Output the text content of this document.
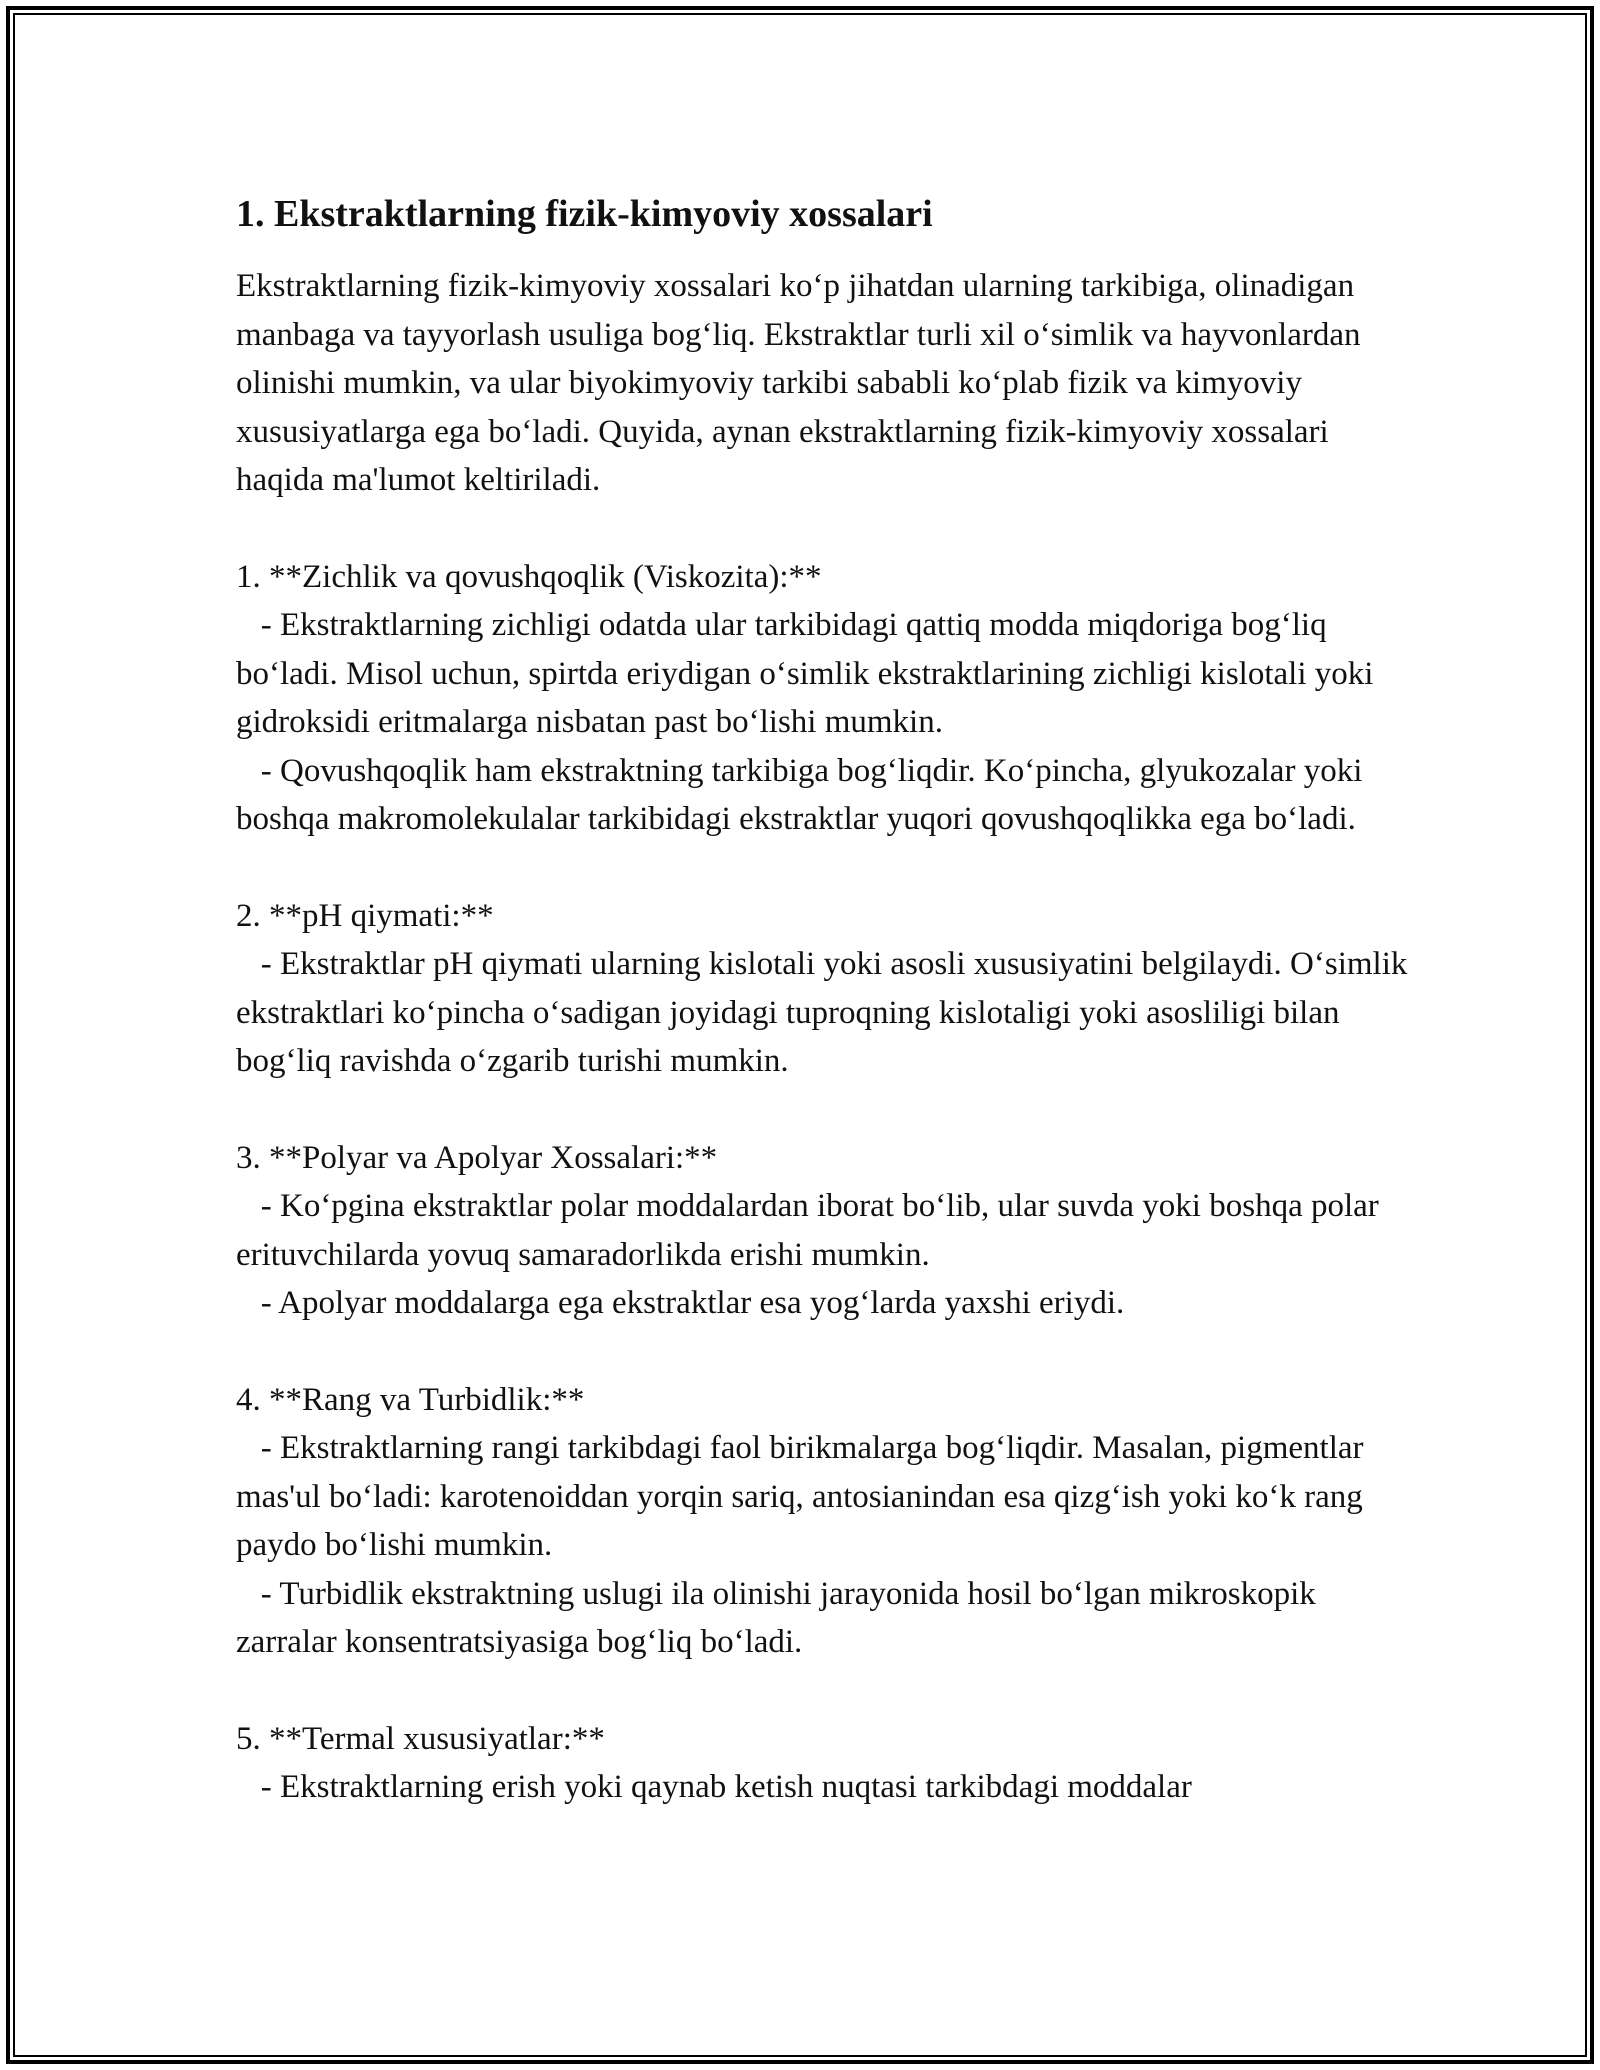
1. Ekstraktlarning fizik-kimyoviy xossalari

Ekstraktlarning fizik-kimyoviy xossalari ko‘p jihatdan ularning tarkibiga, olinadigan manbaga va tayyorlash usuliga bog‘liq. Ekstraktlar turli xil o‘simlik va hayvonlardan olinishi mumkin, va ular biyokimyoviy tarkibi sababli ko‘plab fizik va kimyoviy xususiyatlarga ega bo‘ladi. Quyida, aynan ekstraktlarning fizik-kimyoviy xossalari haqida ma'lumot keltiriladi.

1. **Zichlik va qovushqoqlik (Viskozita):**
- Ekstraktlarning zichligi odatda ular tarkibidagi qattiq modda miqdoriga bog‘liq bo‘ladi. Misol uchun, spirtda eriydigan o‘simlik ekstraktlarining zichligi kislotali yoki gidroksidi eritmalarga nisbatan past bo‘lishi mumkin.
- Qovushqoqlik ham ekstraktning tarkibiga bog‘liqdir. Ko‘pincha, glyukozalar yoki boshqa makromolekulalar tarkibidagi ekstraktlar yuqori qovushqoqlikka ega bo‘ladi.
2. **pH qiymati:**
- Ekstraktlar pH qiymati ularning kislotali yoki asosli xususiyatini belgilaydi. O‘simlik ekstraktlari ko‘pincha o‘sadigan joyidagi tuproqning kislotaligi yoki asosliligi bilan bog‘liq ravishda o‘zgarib turishi mumkin.
3. **Polyar va Apolyar Xossalari:**
- Ko‘pgina ekstraktlar polar moddalardan iborat bo‘lib, ular suvda yoki boshqa polar erituvchilarda yovuq samaradorlikda erishi mumkin.
- Apolyar moddalarga ega ekstraktlar esa yog‘larda yaxshi eriydi.
4. **Rang va Turbidlik:**
- Ekstraktlarning rangi tarkibdagi faol birikmalarga bog‘liqdir. Masalan, pigmentlar mas'ul bo‘ladi: karotenoiddan yorqin sariq, antosianindan esa qizg‘ish yoki ko‘k rang paydo bo‘lishi mumkin.
- Turbidlik ekstraktning uslugi ila olinishi jarayonida hosil bo‘lgan mikroskopik zarralar konsentratsiyasiga bog‘liq bo‘ladi.
5. **Termal xususiyatlar:**
- Ekstraktlarning erish yoki qaynab ketish nuqtasi tarkibdagi moddalar
